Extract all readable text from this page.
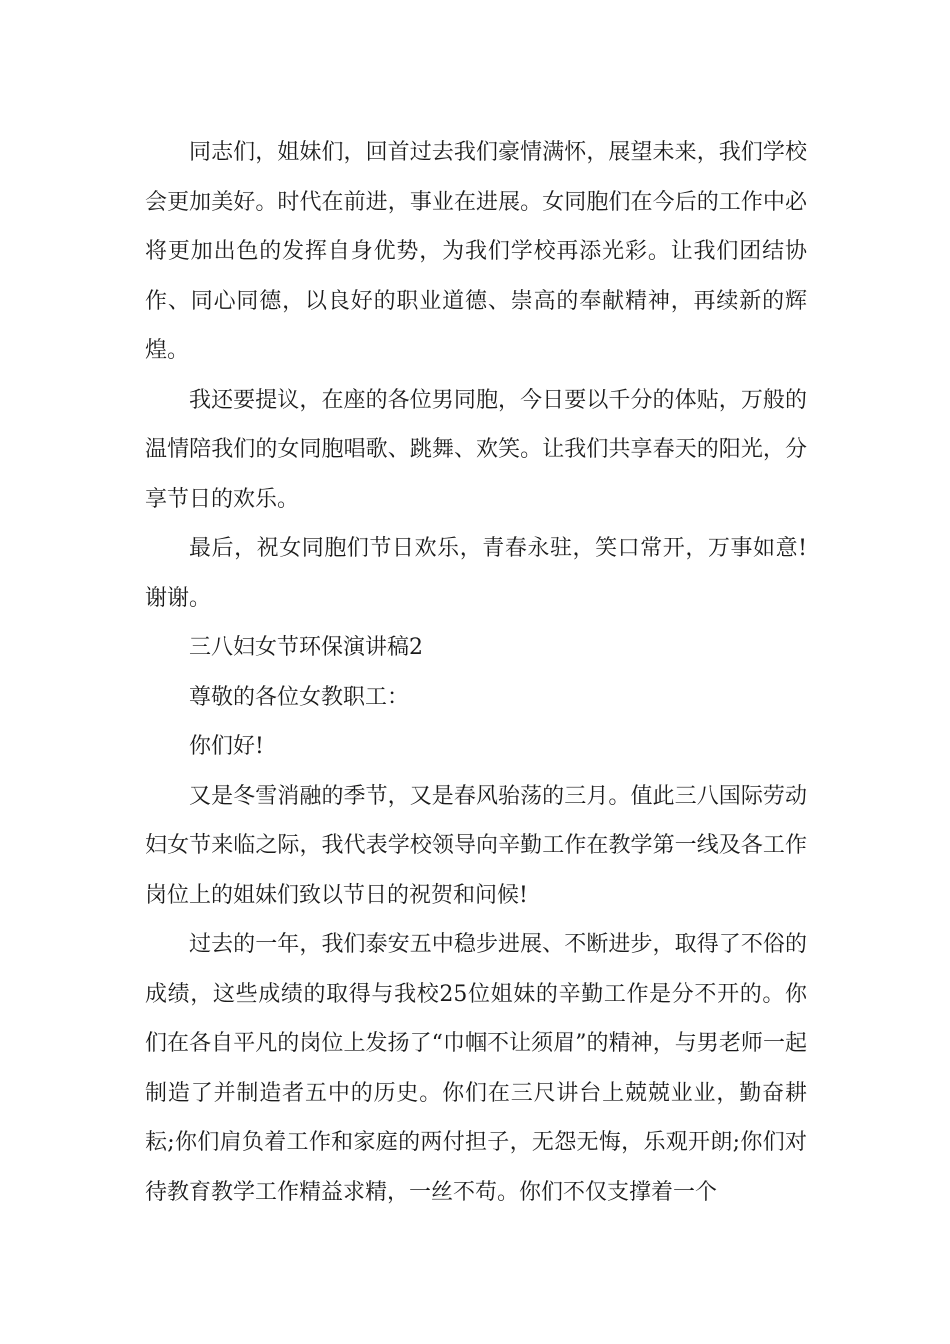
同志们，姐妹们，回首过去我们豪情满怀，展望未来，我们学校会更加美好。时代在前进，事业在进展。女同胞们在今后的工作中必将更加出色的发挥自身优势，为我们学校再添光彩。让我们团结协作、同心同德，以良好的职业道德、崇高的奉献精神，再续新的辉煌。

我还要提议，在座的各位男同胞，今日要以千分的体贴，万般的温情陪我们的女同胞唱歌、跳舞、欢笑。让我们共享春天的阳光，分享节日的欢乐。

最后，祝女同胞们节日欢乐，青春永驻，笑口常开，万事如意!谢谢。

三八妇女节环保演讲稿2

尊敬的各位女教职工：

你们好!

又是冬雪消融的季节，又是春风骀荡的三月。值此三八国际劳动妇女节来临之际，我代表学校领导向辛勤工作在教学第一线及各工作岗位上的姐妹们致以节日的祝贺和问候!

过去的一年，我们泰安五中稳步进展、不断进步，取得了不俗的成绩，这些成绩的取得与我校25位姐妹的辛勤工作是分不开的。你们在各自平凡的岗位上发扬了“巾帼不让须眉”的精神，与男老师一起制造了并制造者五中的历史。你们在三尺讲台上兢兢业业，勤奋耕耘;你们肩负着工作和家庭的两付担子，无怨无悔，乐观开朗;你们对待教育教学工作精益求精，一丝不苟。你们不仅支撑着一个
